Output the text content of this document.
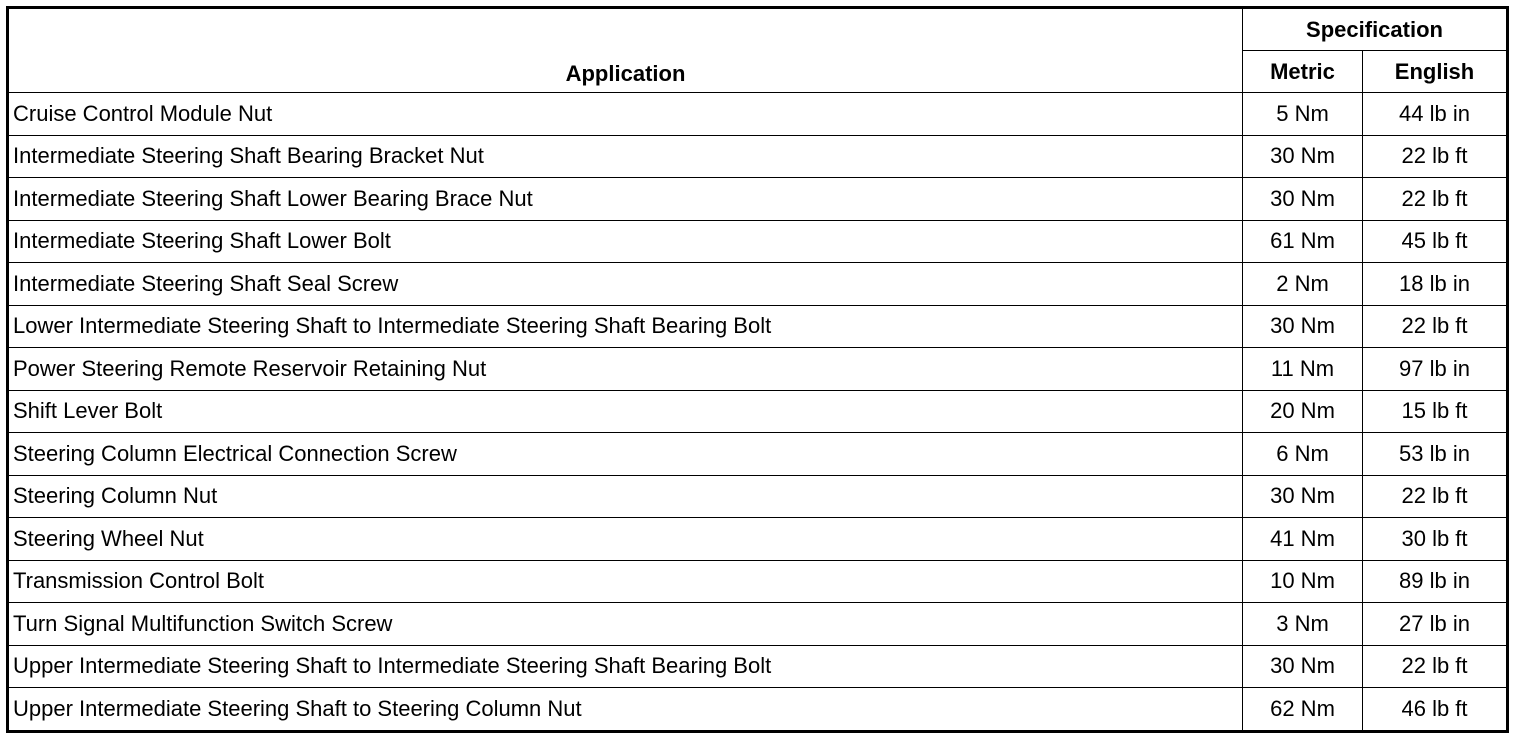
Application	Specification	
	Metric	English
Cruise Control Module Nut	5 Nm	44 lb in
Intermediate Steering Shaft Bearing Bracket Nut	30 Nm	22 lb ft
Intermediate Steering Shaft Lower Bearing Brace Nut	30 Nm	22 lb ft
Intermediate Steering Shaft Lower Bolt	61 Nm	45 lb ft
Intermediate Steering Shaft Seal Screw	2 Nm	18 lb in
Lower Intermediate Steering Shaft to Intermediate Steering Shaft Bearing Bolt	30 Nm	22 lb ft
Power Steering Remote Reservoir Retaining Nut	11 Nm	97 lb in
Shift Lever Bolt	20 Nm	15 lb ft
Steering Column Electrical Connection Screw	6 Nm	53 lb in
Steering Column Nut	30 Nm	22 lb ft
Steering Wheel Nut	41 Nm	30 lb ft
Transmission Control Bolt	10 Nm	89 lb in
Turn Signal Multifunction Switch Screw	3 Nm	27 lb in
Upper Intermediate Steering Shaft to Intermediate Steering Shaft Bearing Bolt	30 Nm	22 lb ft
Upper Intermediate Steering Shaft to Steering Column Nut	62 Nm	46 lb ft
